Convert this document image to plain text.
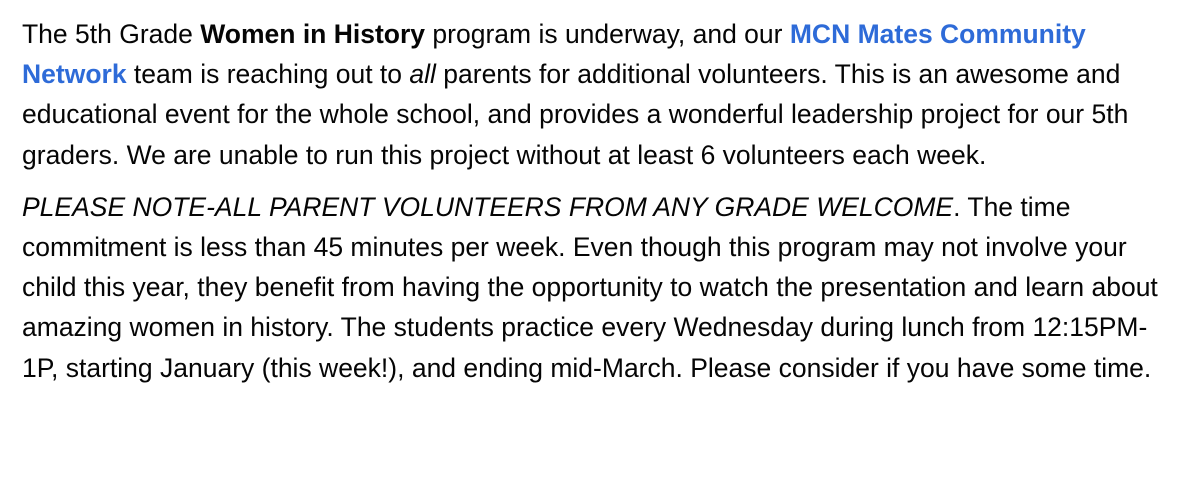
The 5th Grade Women in History program is underway, and our MCN Mates Community Network team is reaching out to all parents for additional volunteers. This is an awesome and educational event for the whole school, and provides a wonderful leadership project for our 5th graders. We are unable to run this project without at least 6 volunteers each week.

PLEASE NOTE-ALL PARENT VOLUNTEERS FROM ANY GRADE WELCOME. The time commitment is less than 45 minutes per week. Even though this program may not involve your child this year, they benefit from having the opportunity to watch the presentation and learn about amazing women in history. The students practice every Wednesday during lunch from 12:15PM-1P, starting January (this week!), and ending mid-March. Please consider if you have some time.
